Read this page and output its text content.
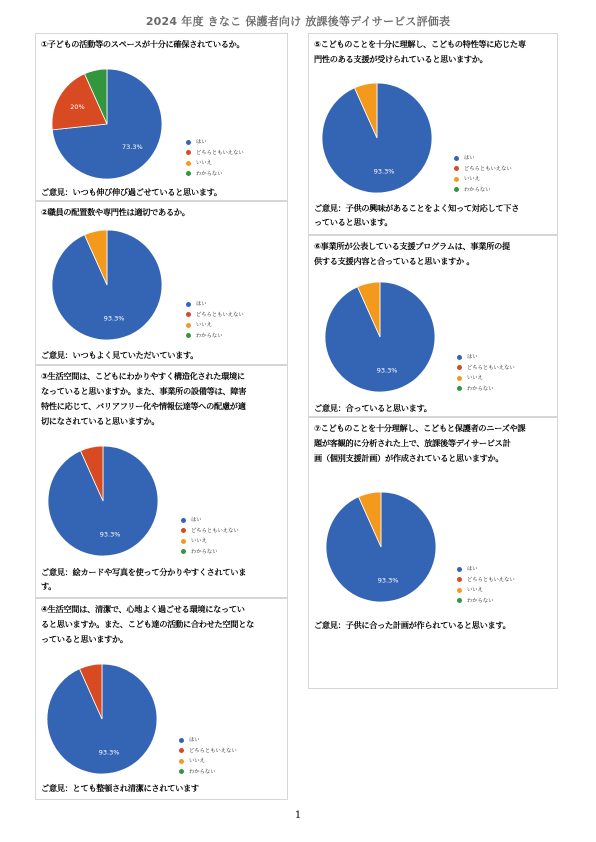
2024 年度 きなこ 保護者向け 放課後等デイサービス評価表
①子どもの活動等のスペースが十分に確保されているか。
73.3%
20%
はい
どちらともいえない
いいえ
わからない
ご意見：いつも伸び伸び過ごせていると思います。
②職員の配置数や専門性は適切であるか。
93.3%
はい
どちらともいえない
いいえ
わからない
ご意見：いつもよく見ていただいています。
③生活空間は、こどもにわかりやすく構造化された環境に
なっていると思いますか。また、事業所の設備等は、障害
特性に応じて、バリアフリー化や情報伝達等への配慮が適
切になされていると思いますか。
93.3%
はい
どちらともいえない
いいえ
わからない
ご意見：絵カードや写真を使って分かりやすくされていま
す。
④生活空間は、清潔で、心地よく過ごせる環境になってい
ると思いますか。また、こども達の活動に合わせた空間とな
っていると思いますか。
93.3%
はい
どちらともいえない
いいえ
わからない
ご意見：とても整頓され清潔にされています
⑤こどものことを十分に理解し、こどもの特性等に応じた専
門性のある支援が受けられていると思いますか。
93.3%
はい
どちらともいえない
いいえ
わからない
ご意見：子供の興味があることをよく知って対応して下さ
っていると思います。
⑥事業所が公表している支援プログラムは、事業所の提
供する支援内容と合っていると思いますか 。
93.3%
はい
どちらともいえない
いいえ
わからない
ご意見：合っていると思います。
⑦こどものことを十分理解し、こどもと保護者のニーズや課
題が客観的に分析された上で、放課後等デイサービス計
画（個別支援計画）が作成されていると思いますか。
93.3%
はい
どちらともいえない
いいえ
わからない
ご意見：子供に合った計画が作られていると思います。
1
